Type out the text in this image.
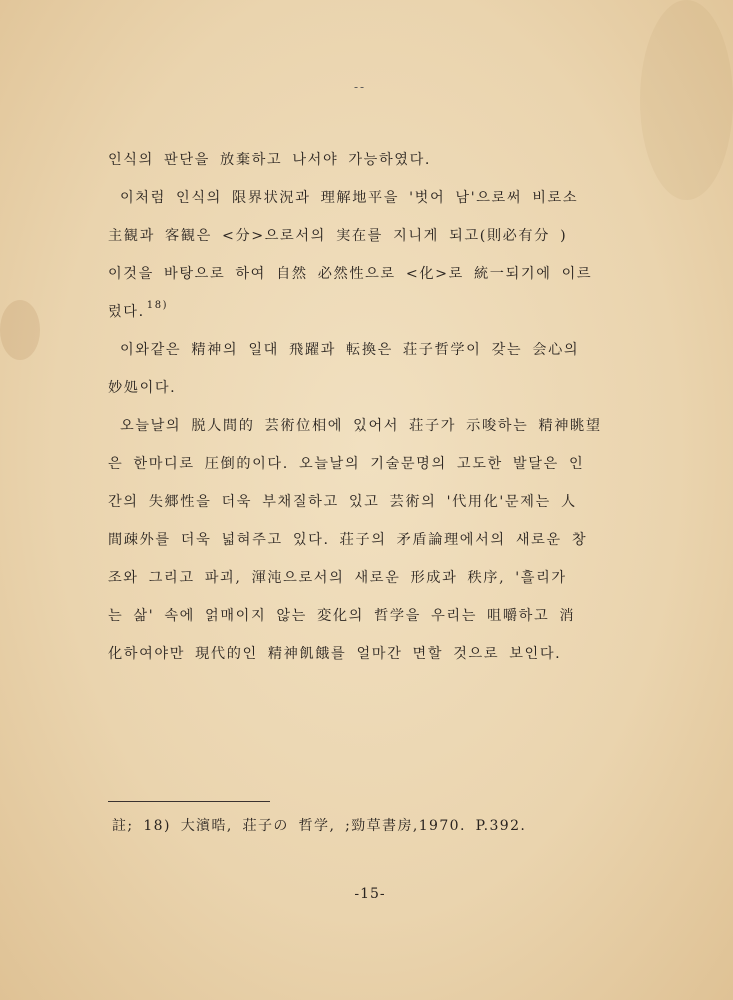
--
인식의 판단을 放棄하고 나서야 가능하였다.
이처럼 인식의 限界状況과 理解地平을 '벗어 남'으로써 비로소
主観과 客観은 <分>으로서의 実在를 지니게 되고(則必有分 )
이것을 바탕으로 하여 自然 必然性으로 <化>로 統一되기에 이르
렀다. 18)
이와같은 精神의 일대 飛躍과 転換은 荘子哲学이 갖는 会心의
妙処이다.
오늘날의 脱人間的 芸術位相에 있어서 荘子가 示唆하는 精神眺望
은 한마디로 圧倒的이다. 오늘날의 기술문명의 고도한 발달은 인
간의 失郷性을 더욱 부채질하고 있고 芸術의 '代用化'문제는 人
間疎外를 더욱 넓혀주고 있다. 荘子의 矛盾論理에서의 새로운 창
조와 그리고 파괴, 渾沌으로서의 새로운 形成과 秩序, '흘리가
는 삶' 속에 얽매이지 않는 変化의 哲学을 우리는 咀嚼하고 消
化하여야만 現代的인 精神飢餓를 얼마간 면할 것으로 보인다.
註; 18) 大濱晧, 荘子の 哲学, ;勁草書房,1970. P.392.
-15-
